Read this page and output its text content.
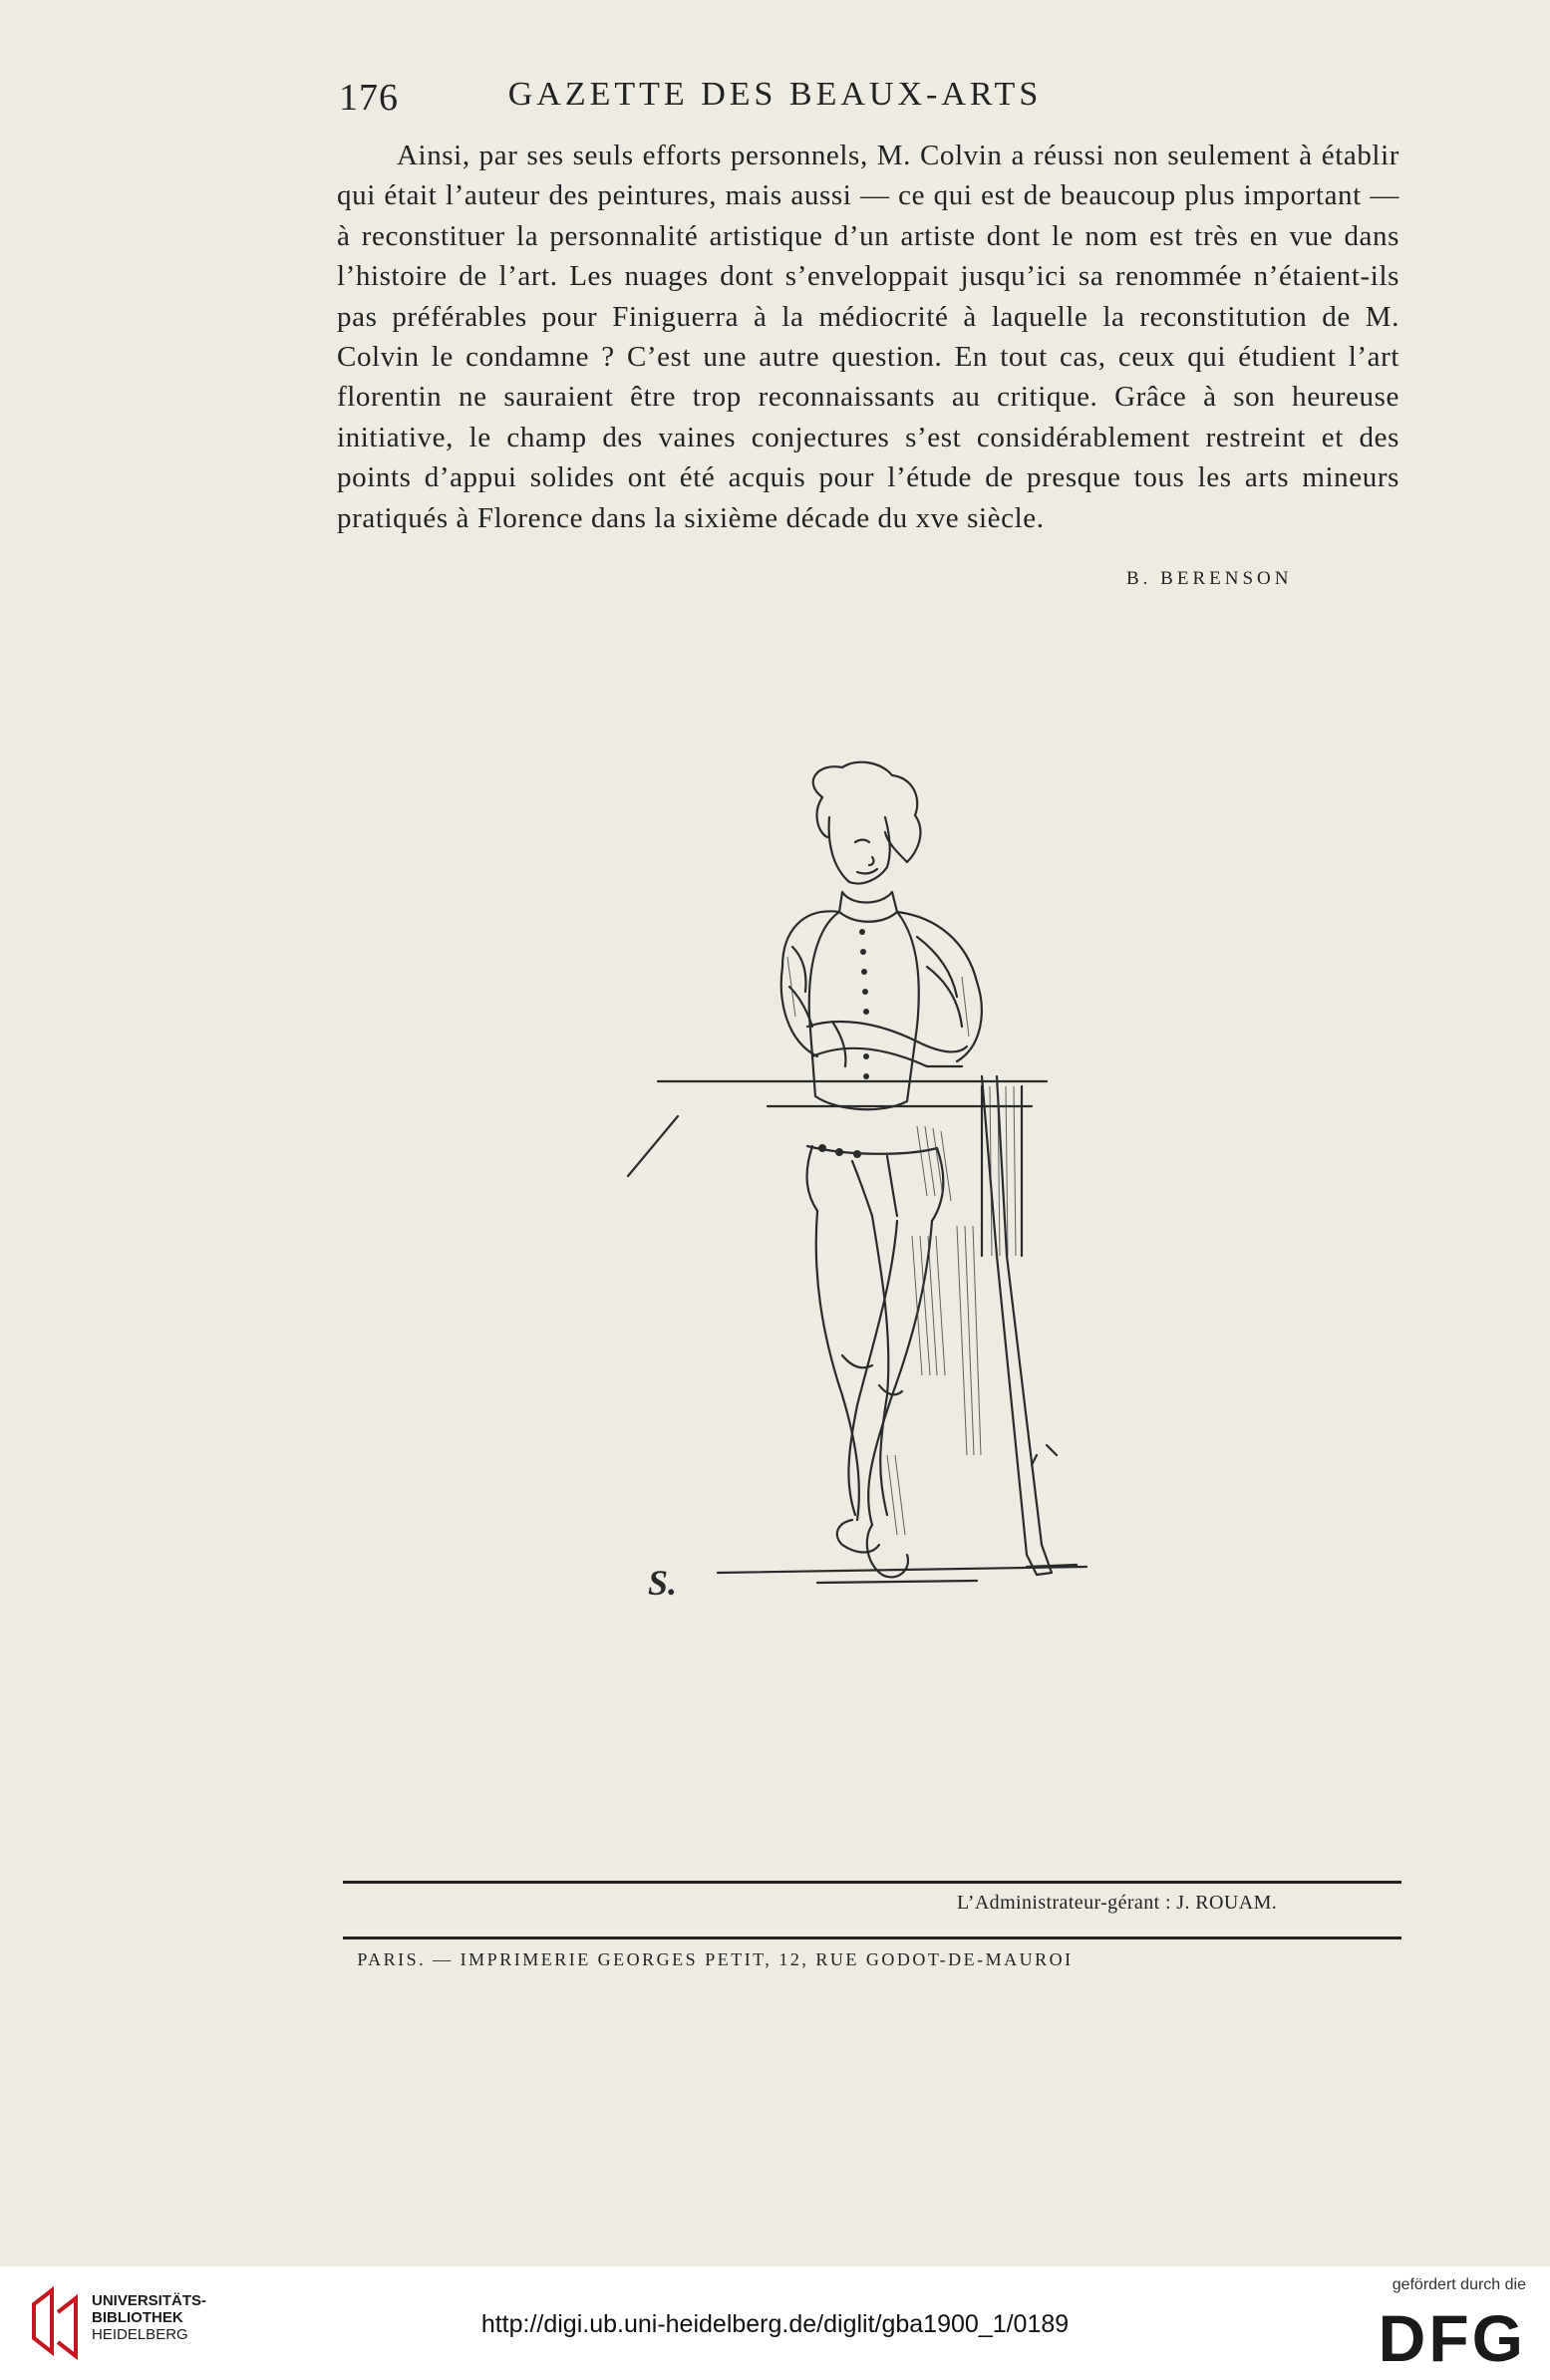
176	GAZETTE DES BEAUX-ARTS
Ainsi, par ses seuls efforts personnels, M. Colvin a réussi non seulement à établir qui était l’auteur des peintures, mais aussi — ce qui est de beaucoup plus important — à reconstituer la personnalité artistique d’un artiste dont le nom est très en vue dans l’histoire de l’art. Les nuages dont s’enveloppait jusqu’ici sa renommée n’étaient-ils pas préférables pour Finiguerra à la médiocrité à laquelle la reconstitution de M. Colvin le condamne ? C’est une autre question. En tout cas, ceux qui étudient l’art florentin ne sauraient être trop reconnaissants au critique. Grâce à son heureuse initiative, le champ des vaines conjectures s’est considérablement restreint et des points d’appui solides ont été acquis pour l’étude de presque tous les arts mineurs pratiqués à Florence dans la sixième décade du xve siècle.
B. BERENSON
S.
L’Administrateur-gérant : J. ROUAM.
PARIS. — IMPRIMERIE GEORGES PETIT, 12, RUE GODOT-DE-MAUROI
UNIVERSITÄTS-
BIBLIOTHEK
HEIDELBERG	http://digi.ub.uni-heidelberg.de/diglit/gba1900_1/0189
gefördert durch die
DFG
